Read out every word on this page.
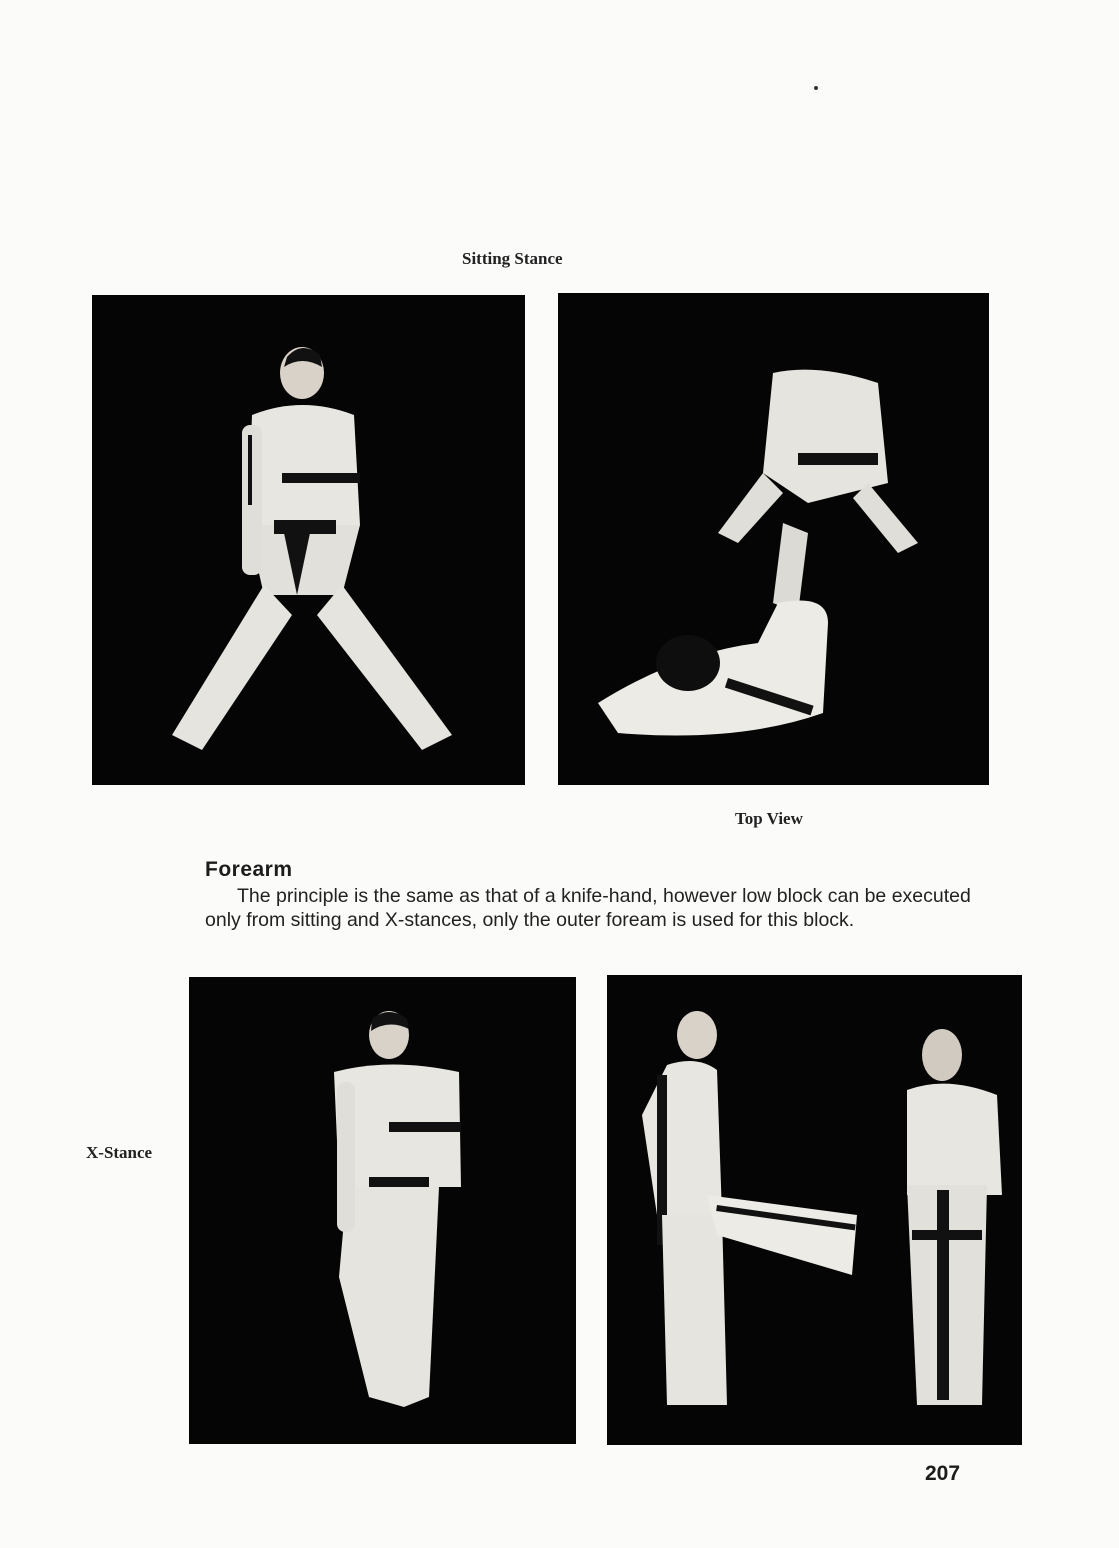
Sitting Stance
Top View
Forearm
The principle is the same as that of a knife-hand, however low block can be executed only from sitting and X-stances, only the outer foream is used for this block.
X-Stance
207
